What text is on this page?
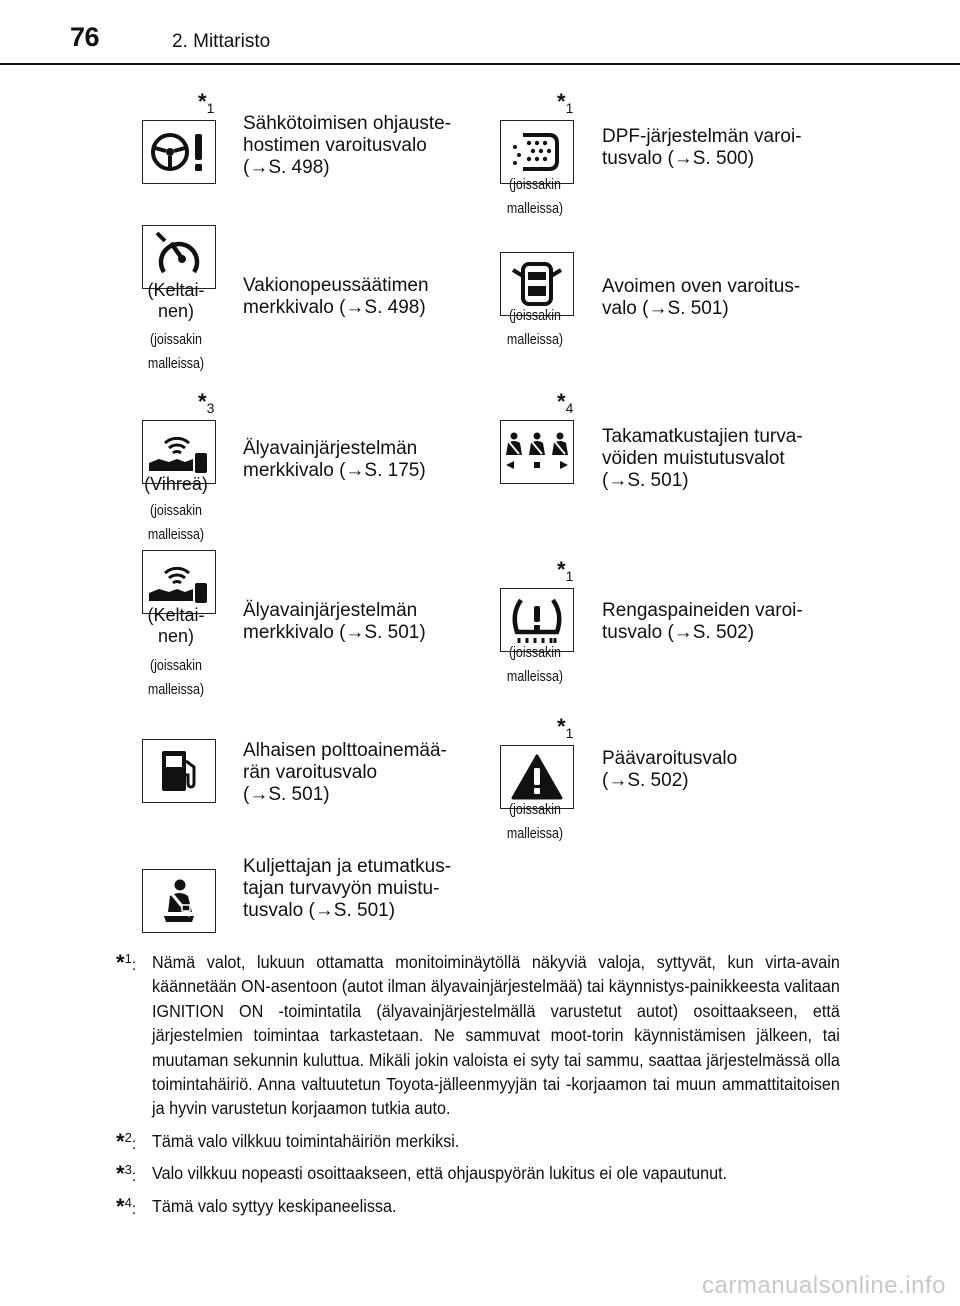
76	2. Mittaristo
$*_1$
Sähkötoimisen ohjauste-
hostimen varoitusvalo
(→S. 498)
(Keltai-
nen)
(joissakin
malleissa)
Vakionopeussäätimen
merkkivalo (→S. 498)
$*_3$
(Vihreä)
(joissakin
malleissa)
Älyavainjärjestelmän
merkkivalo (→S. 175)
(Keltai-
nen)
(joissakin
malleissa)
Älyavainjärjestelmän
merkkivalo (→S. 501)
Alhaisen polttoainemää-
rän varoitusvalo
(→S. 501)
Kuljettajan ja etumatkus-
tajan turvavyön muistu-
tusvalo (→S. 501)
$*_1$
(joissakin
malleissa)
DPF-järjestelmän varoi-
tusvalo (→S. 500)
(joissakin
malleissa)
Avoimen oven varoitus-
valo (→S. 501)
$*_4$
Takamatkustajien turva-
vöiden muistutusvalot
(→S. 501)
$*_1$
(joissakin
malleissa)
Rengaspaineiden varoi-
tusvalo (→S. 502)
$*_1$
(joissakin
malleissa)
Päävaroitusvalo
(→S. 502)
$*_1$: Nämä valot, lukuun ottamatta monitoiminäytöllä näkyviä valoja, syttyvät, kun virta-avain käännetään ON-asentoon (autot ilman älyavainjärjestelmää) tai käynnistys-painikkeesta valitaan IGNITION ON -toimintatila (älyavainjärjestelmällä varustetut autot) osoittaakseen, että järjestelmien toimintaa tarkastetaan. Ne sammuvat moot-torin käynnistämisen jälkeen, tai muutaman sekunnin kuluttua. Mikäli jokin valoista ei syty tai sammu, saattaa järjestelmässä olla toimintahäiriö. Anna valtuutetun Toyota-jälleenmyyjän tai -korjaamon tai muun ammattitaitoisen ja hyvin varustetun korjaamon tutkia auto.
$*_2$: Tämä valo vilkkuu toimintahäiriön merkiksi.
$*_3$: Valo vilkkuu nopeasti osoittaakseen, että ohjauspyörän lukitus ei ole vapautunut.
$*_4$: Tämä valo syttyy keskipaneelissa.
carmanualsonline.info
